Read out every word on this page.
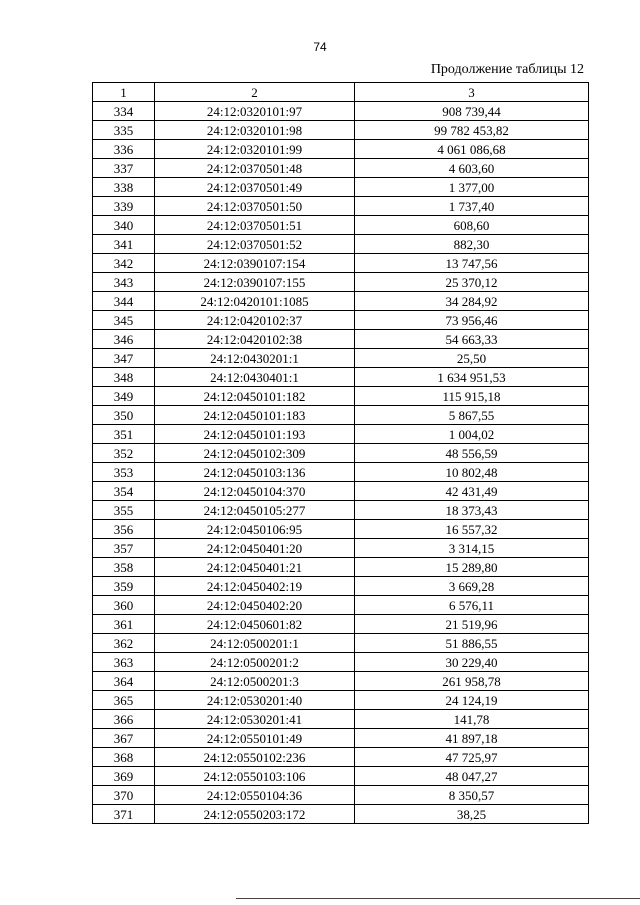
74
Продолжение таблицы 12
1	2	3
334	24:12:0320101:97	908 739,44
335	24:12:0320101:98	99 782 453,82
336	24:12:0320101:99	4 061 086,68
337	24:12:0370501:48	4 603,60
338	24:12:0370501:49	1 377,00
339	24:12:0370501:50	1 737,40
340	24:12:0370501:51	608,60
341	24:12:0370501:52	882,30
342	24:12:0390107:154	13 747,56
343	24:12:0390107:155	25 370,12
344	24:12:0420101:1085	34 284,92
345	24:12:0420102:37	73 956,46
346	24:12:0420102:38	54 663,33
347	24:12:0430201:1	25,50
348	24:12:0430401:1	1 634 951,53
349	24:12:0450101:182	115 915,18
350	24:12:0450101:183	5 867,55
351	24:12:0450101:193	1 004,02
352	24:12:0450102:309	48 556,59
353	24:12:0450103:136	10 802,48
354	24:12:0450104:370	42 431,49
355	24:12:0450105:277	18 373,43
356	24:12:0450106:95	16 557,32
357	24:12:0450401:20	3 314,15
358	24:12:0450401:21	15 289,80
359	24:12:0450402:19	3 669,28
360	24:12:0450402:20	6 576,11
361	24:12:0450601:82	21 519,96
362	24:12:0500201:1	51 886,55
363	24:12:0500201:2	30 229,40
364	24:12:0500201:3	261 958,78
365	24:12:0530201:40	24 124,19
366	24:12:0530201:41	141,78
367	24:12:0550101:49	41 897,18
368	24:12:0550102:236	47 725,97
369	24:12:0550103:106	48 047,27
370	24:12:0550104:36	8 350,57
371	24:12:0550203:172	38,25
